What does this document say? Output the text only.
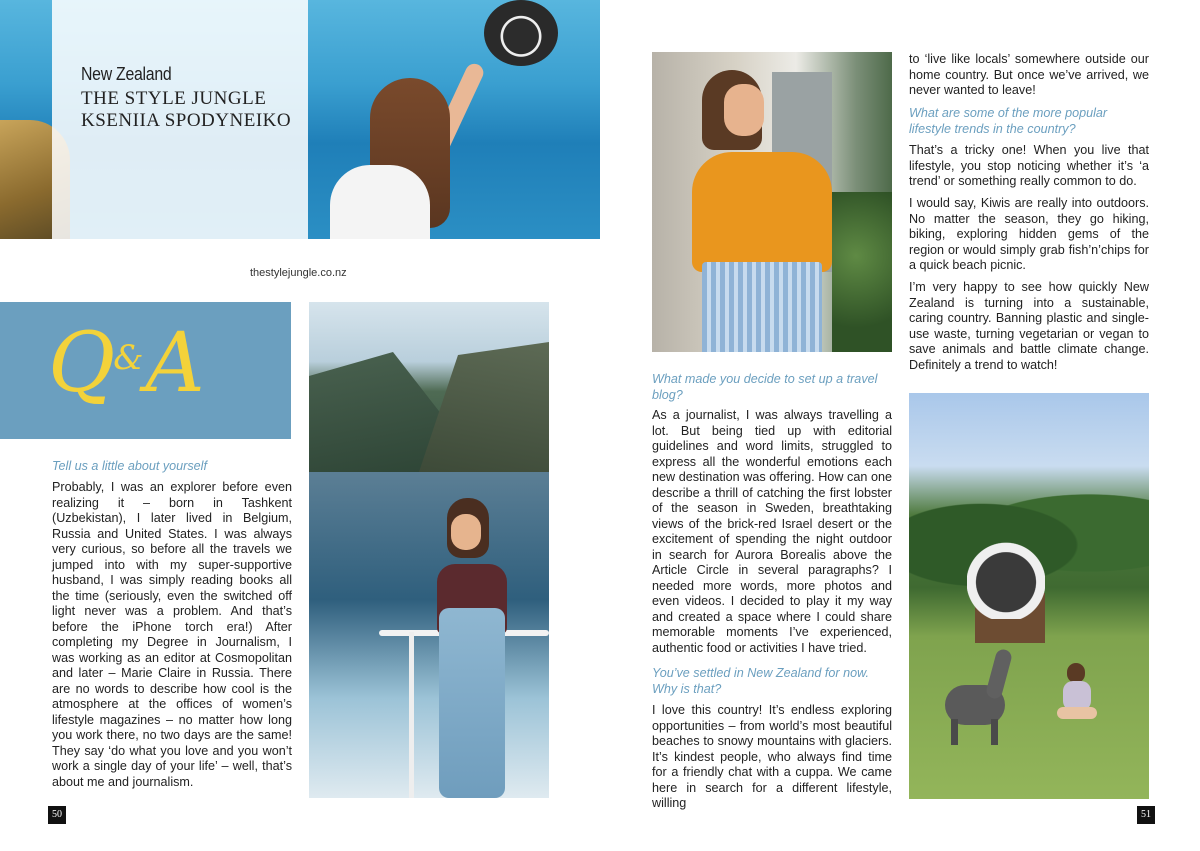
New Zealand
THE STYLE JUNGLE
KSENIIA SPODYNEIKO
thestylejungle.co.nz
Q&A
Tell us a little about yourself
Probably, I was an explorer before even realizing it – born in Tashkent (Uzbekistan), I later lived in Belgium, Russia and United States. I was always very curious, so before all the travels we jumped into with my super-supportive husband, I was simply reading books all the time (seriously, even the switched off light never was a problem. And that’s before the iPhone torch era!) After completing my Degree in Journalism, I was working as an editor at Cosmopolitan and later – Marie Claire in Russia. There are no words to describe how cool is the atmosphere at the offices of women’s lifestyle magazines – no matter how long you work there, no two days are the same! They say ‘do what you love and you won’t work a single day of your life’ – well, that’s about me and journalism.
50
What made you decide to set up a travel blog?
As a journalist, I was always travelling a lot. But being tied up with editorial guidelines and word limits, struggled to express all the wonderful emotions each new destination was offering. How can one describe a thrill of catching the first lobster of the season in Sweden, breathtaking views of the brick-red Israel desert or the excitement of spending the night outdoor in search for Aurora Borealis above the Article Circle in several paragraphs? I needed more words, more photos and even videos. I decided to play it my way and created a space where I could share memorable moments I’ve experienced, authentic food or activities I have tried.
You’ve settled in New Zealand for now. Why is that?
I love this country! It’s endless exploring opportunities – from world’s most beautiful beaches to snowy mountains with glaciers. It’s kindest people, who always find time for a friendly chat with a cuppa. We came here in search for a different lifestyle, willing
to ‘live like locals’ somewhere outside our home country. But once we’ve arrived, we never wanted to leave!
What are some of the more popular lifestyle trends in the country?
That’s a tricky one! When you live that lifestyle, you stop noticing whether it’s ‘a trend’ or something really common to do.
I would say, Kiwis are really into outdoors. No matter the season, they go hiking, biking, exploring hidden gems of the region or would simply grab fish’n’chips for a quick beach picnic.
I’m very happy to see how quickly New Zealand is turning into a sustainable, caring country. Banning plastic and single-use waste, turning vegetarian or vegan to save animals and battle climate change. Definitely a trend to watch!
51
